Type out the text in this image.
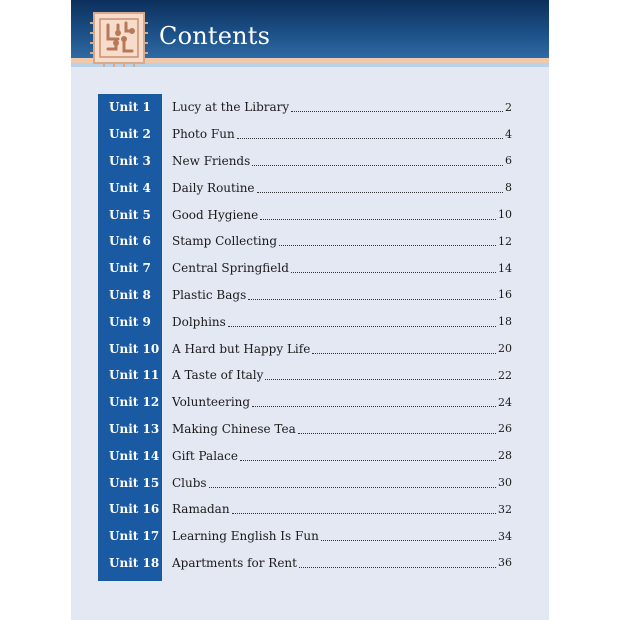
Contents
Unit 1	Lucy at the Library	2
Unit 2	Photo Fun	4
Unit 3	New Friends	6
Unit 4	Daily Routine	8
Unit 5	Good Hygiene	10
Unit 6	Stamp Collecting	12
Unit 7	Central Springfield	14
Unit 8	Plastic Bags	16
Unit 9	Dolphins	18
Unit 10 A Hard but Happy Life	20
Unit 11 A Taste of Italy	22
Unit 12 Volunteering	24
Unit 13 Making Chinese Tea	26
Unit 14 Gift Palace	28
Unit 15 Clubs	30
Unit 16 Ramadan	32
Unit 17 Learning English Is Fun	34
Unit 18 Apartments for Rent	36
